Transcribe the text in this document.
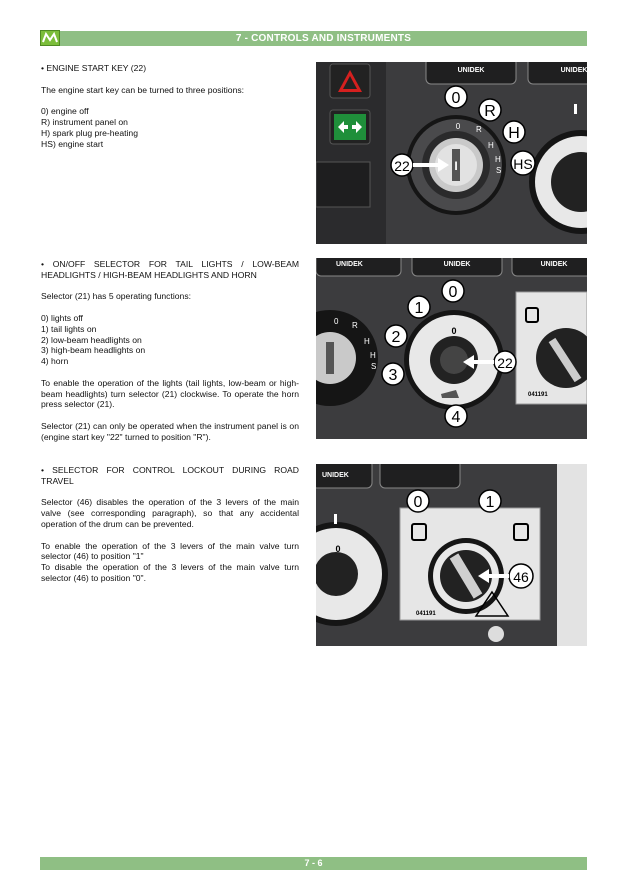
7 - CONTROLS AND INSTRUMENTS

• ENGINE START KEY (22)

The engine start key can be turned to three positions:

0) engine off

R) instrument panel on

H) spark plug pre-heating

HS) engine start

• ON/OFF SELECTOR FOR TAIL LIGHTS / LOW-BEAM HEADLIGHTS / HIGH-BEAM HEADLIGHTS AND HORN

Selector (21) has 5 operating functions:

0) lights off

1) tail lights on

2) low-beam headlights on

3) high-beam headlights on

4) horn

To enable the operation of the lights (tail lights, low-beam or high-beam headlights) turn selector (21) clockwise. To operate the horn press selector (21).

Selector (21) can only be operated when the instrument panel is on (engine start key "22" turned to position "R").

• SELECTOR FOR CONTROL LOCKOUT DURING ROAD TRAVEL

Selector (46) disables the operation of the 3 levers of the main valve (see corresponding paragraph), so that any accidental operation of the drum can be prevented.

To enable the operation of the 3 levers of the main valve turn selector (46) to position "1"

To disable the operation of the 3 levers of the main valve turn selector (46) to position "0".

UNIDEK	UNIDEK
I
0 R
H
H
S
0
R
H
HS
22
UNIDEK	UNIDEK	UNIDEK
0 R
H
H
S
0
041191
0
1
2
3
4
22
UNIDEK
0
041191
0	1
46
7 - 6
